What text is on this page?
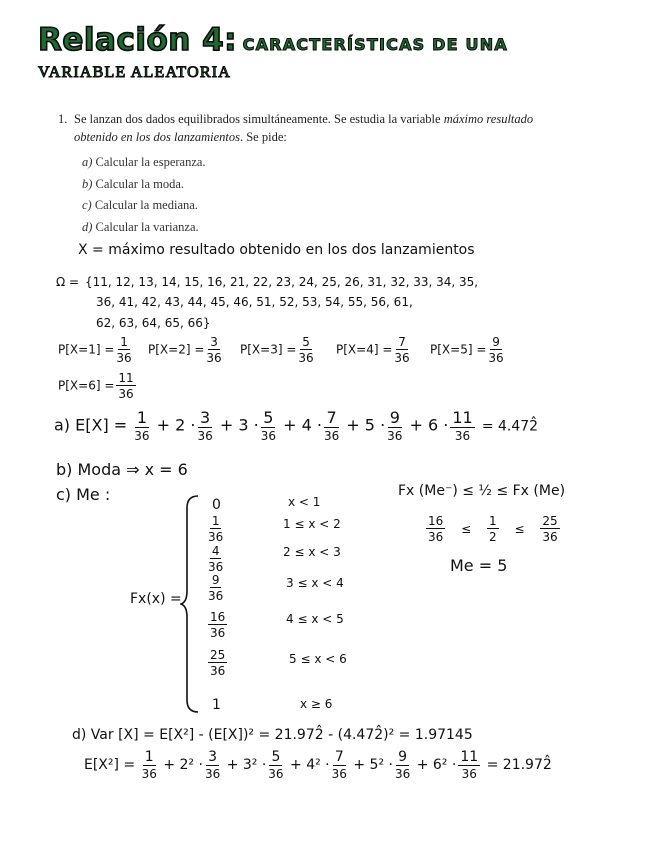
Relación 4: CARACTERÍSTICAS DE UNA
VARIABLE ALEATORIA
1. Se lanzan dos dados equilibrados simultáneamente. Se estudia la variable máximo resultado obtenido en los dos lanzamientos. Se pide:
a) Calcular la esperanza.
b) Calcular la moda.
c) Calcular la mediana.
d) Calcular la varianza.
X = máximo resultado obtenido en los dos lanzamientos
Ω = {11, 12, 13, 14, 15, 16, 21, 22, 23, 24, 25, 26, 31, 32, 33, 34, 35,
36, 41, 42, 43, 44, 45, 46, 51, 52, 53, 54, 55, 56, 61,
62, 63, 64, 65, 66}
$P[X=1] = \frac{1}{36} P[X=2] = \frac{3}{36} P[X=3] = \frac{5}{36} P[X=4] = \frac{7}{36} P[X=5] = \frac{9}{36}$
$P[X=6] = \frac{11}{36}$
a) $E[X] = \frac{1}{36} + 2 \cdot \frac{3}{36} + 3 \cdot \frac{5}{36} + 4 \cdot \frac{7}{36} + 5 \cdot \frac{9}{36} + 6 \cdot \frac{11}{36}$ = 4.472̂
b) Moda ⇒ x = 6
c) Me :
Fx(x) =
0	x < 1
$\frac{1}{36}$	1 ≤ x < 2
$\frac{4}{36}$	2 ≤ x < 3
$\frac{9}{36}$	3 ≤ x < 4
$\frac{16}{36}$	4 ≤ x < 5
$\frac{25}{36}$	5 ≤ x < 6
1	x ≥ 6
Fx (Me⁻) ≤ ½ ≤ Fx (Me)
$\frac{16}{36} \le \frac{1}{2} \le \frac{25}{36}$
Me = 5
d) Var [X] = E[X²] - (E[X])² = 21.972̂ - (4.472̂)² = 1.97145
$E[X^2] = \frac{1}{36} + 2^2 \cdot \frac{3}{36} + 3^2 \cdot \frac{5}{36} + 4^2 \cdot \frac{7}{36} + 5^2 \cdot \frac{9}{36} + 6^2 \cdot \frac{11}{36}$ = 21.972̂
